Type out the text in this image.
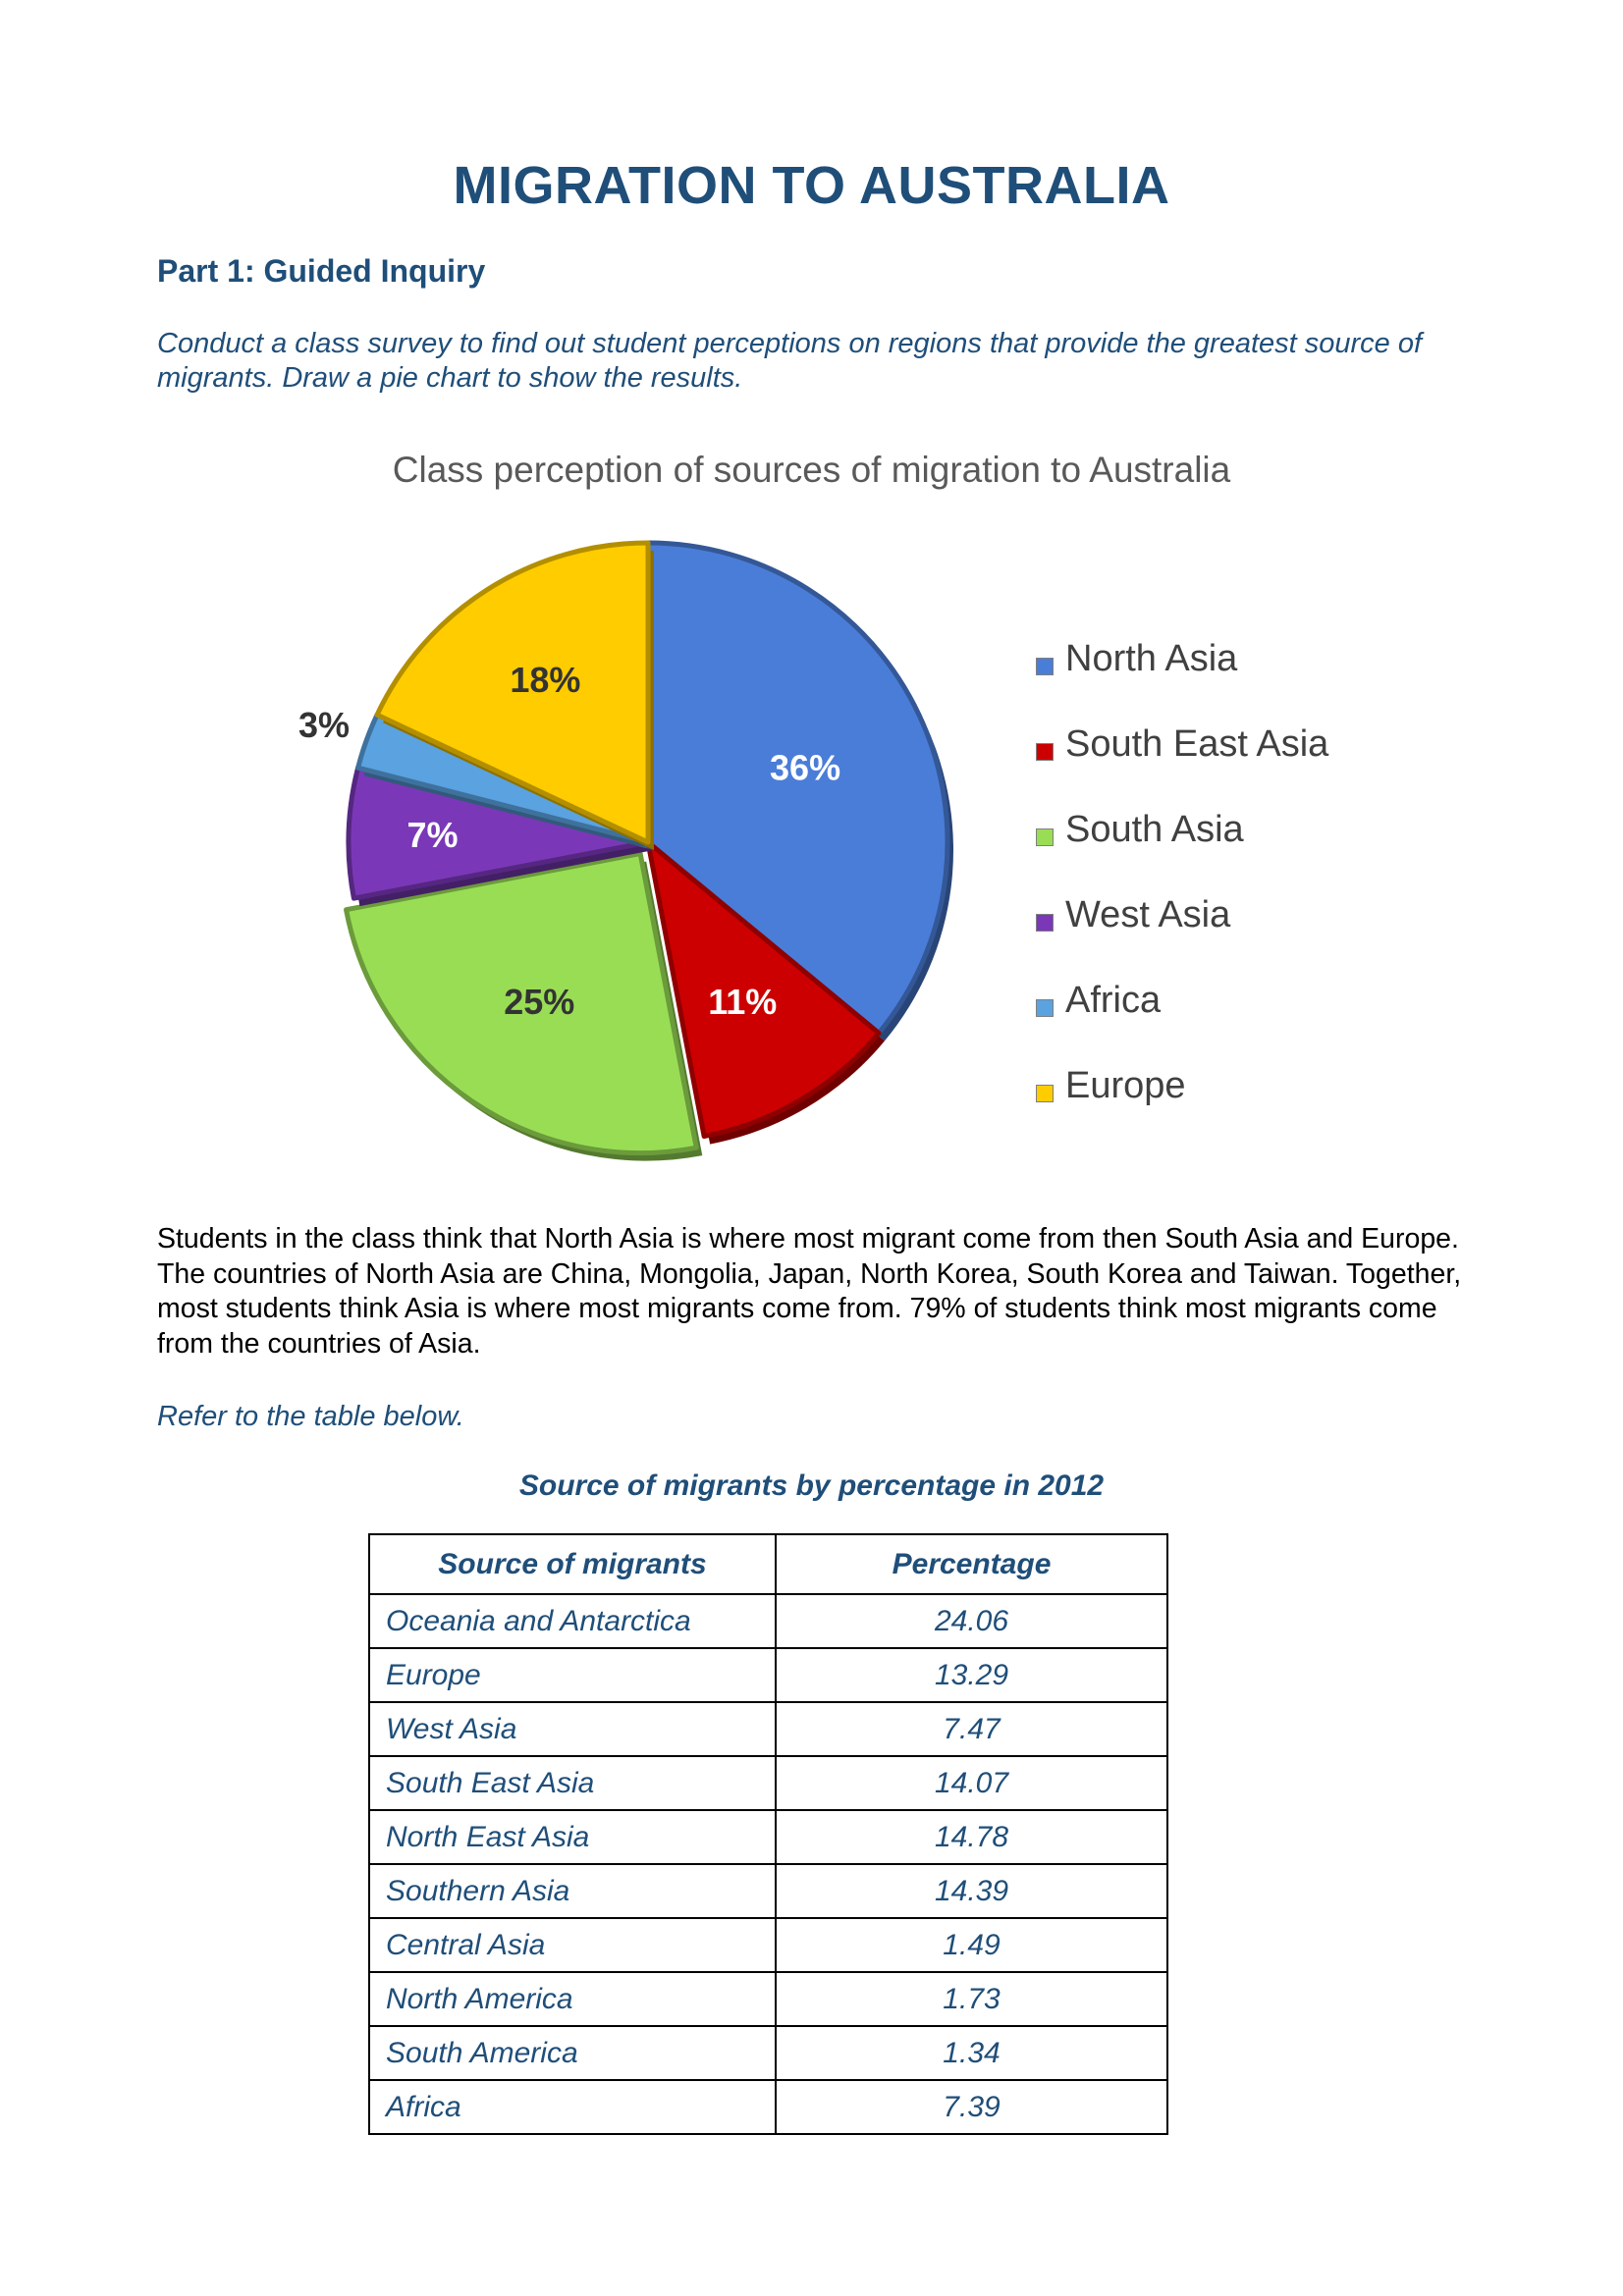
MIGRATION TO AUSTRALIA
Part 1: Guided Inquiry
Conduct a class survey to find out student perceptions on regions that provide the greatest source of migrants. Draw a pie chart to show the results.
Class perception of sources of migration to Australia
36%
11%
25%
7%
3%
18%
North Asia
South East Asia
South Asia
West Asia
Africa
Europe
Students in the class think that North Asia is where most migrant come from then South Asia and Europe. The countries of North Asia are China, Mongolia, Japan, North Korea, South Korea and Taiwan. Together, most students think Asia is where most migrants come from. 79% of students think most migrants come from the countries of Asia.
Refer to the table below.
Source of migrants by percentage in 2012
Source of migrants	Percentage
Oceania and Antarctica	24.06
Europe	13.29
West Asia	7.47
South East Asia	14.07
North East Asia	14.78
Southern Asia	14.39
Central Asia	1.49
North America	1.73
South America	1.34
Africa	7.39
